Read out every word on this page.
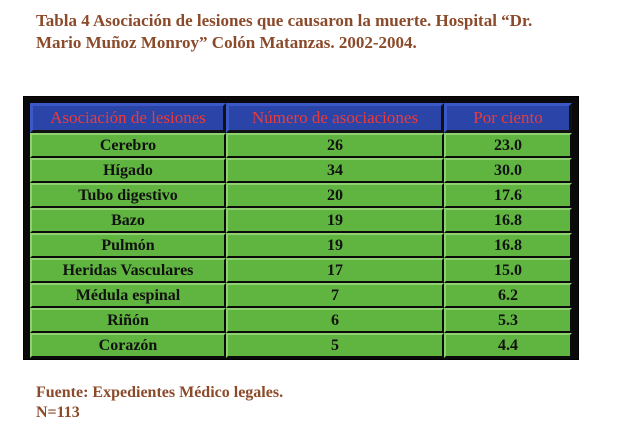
Tabla 4 Asociación de lesiones que causaron la muerte. Hospital “Dr.
Mario Muñoz Monroy” Colón Matanzas. 2002-2004.
Asociación de lesiones	Número de asociaciones	Por ciento
Cerebro	26	23.0
Hígado	34	30.0
Tubo digestivo	20	17.6
Bazo	19	16.8
Pulmón	19	16.8
Heridas Vasculares	17	15.0
Médula espinal	7	6.2
Riñón	6	5.3
Corazón	5	4.4
Fuente: Expedientes Médico legales.
N=113
